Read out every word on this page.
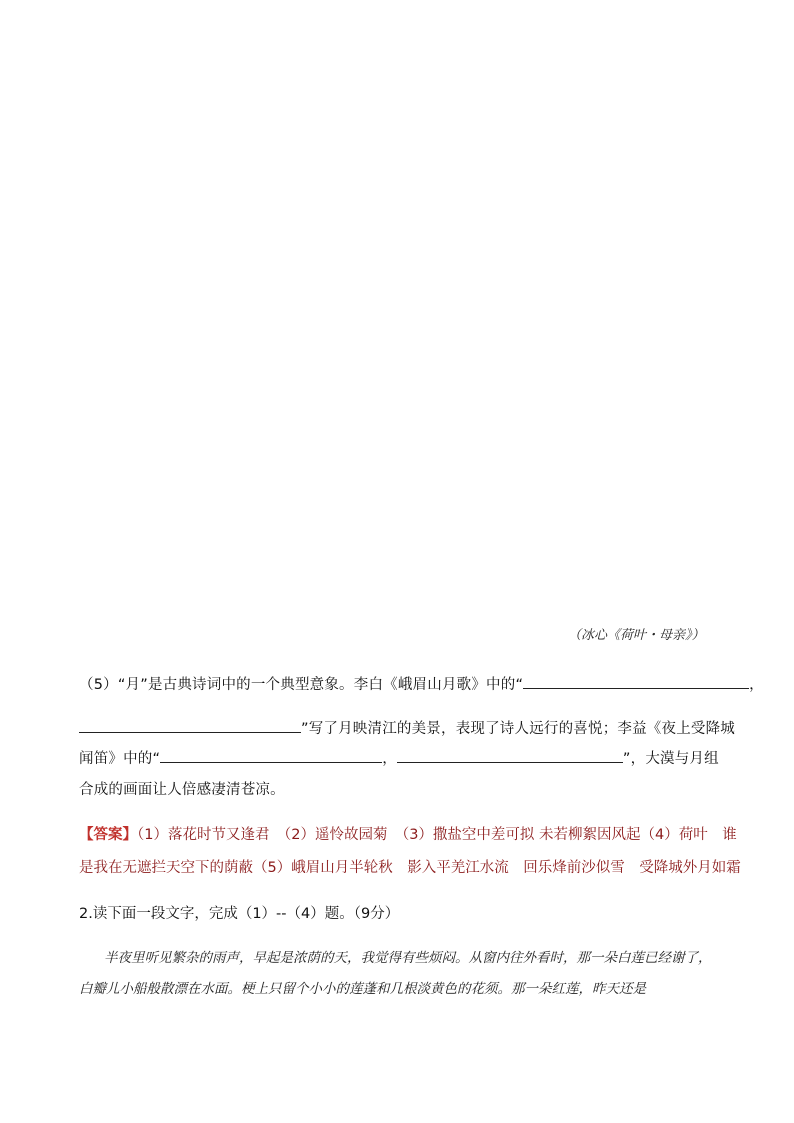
（冰心《荷叶・母亲》）
（5）“月”是古典诗词中的一个典型意象。李白《峨眉山月歌》中的“	，
”写了月映清江的美景，表现了诗人远行的喜悦；李益《夜上受降城
闻笛》中的“	，	”，大漠与月组
合成的画面让人倍感凄清苍凉。
【答案】（1）落花时节又逢君　（2）遥怜故园菊　（3）撒盐空中差可拟 未若柳絮因风起（4）荷叶　谁
是我在无遮拦天空下的荫蔽（5）峨眉山月半轮秋　影入平羌江水流　回乐烽前沙似雪　受降城外月如霜
2.读下面一段文字，完成（1）--（4）题。（9分）
半夜里听见繁杂的雨声，早起是浓荫的天，我觉得有些烦闷。从窗内往外看时，那一朵白莲已经谢了，
白瓣儿小船般散漂在水面。梗上只留个小小的莲蓬和几根淡黄色的花须。那一朵红莲，昨天还是
